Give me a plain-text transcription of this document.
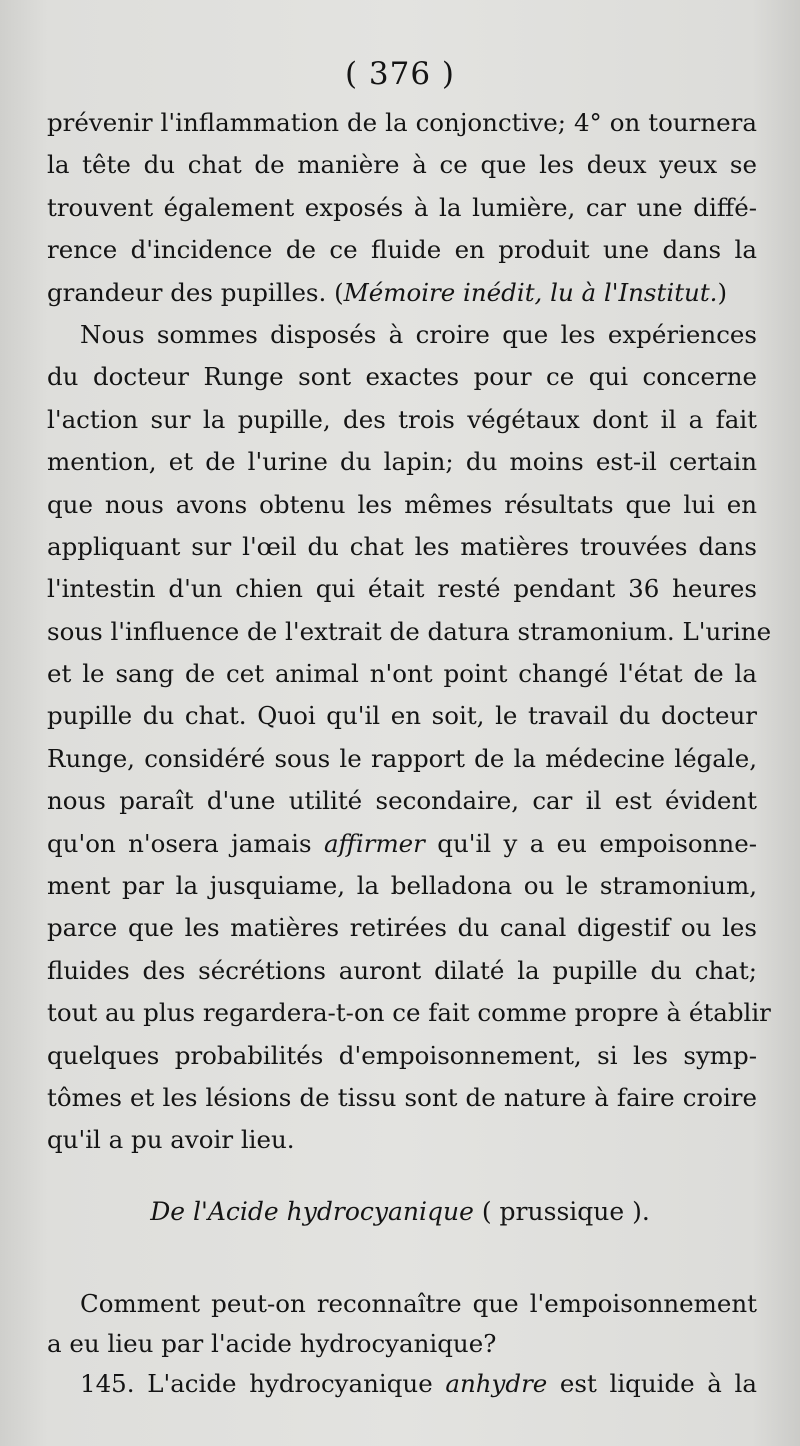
( 376 )
prévenir l'inflammation de la conjonctive; 4° on tournera
la tête du chat de manière à ce que les deux yeux se
trouvent également exposés à la lumière, car une diffé-
rence d'incidence de ce fluide en produit une dans la
grandeur des pupilles. (Mémoire inédit, lu à l'Institut.)
Nous sommes disposés à croire que les expériences
du docteur Runge sont exactes pour ce qui concerne
l'action sur la pupille, des trois végétaux dont il a fait
mention, et de l'urine du lapin; du moins est-il certain
que nous avons obtenu les mêmes résultats que lui en
appliquant sur l'œil du chat les matières trouvées dans
l'intestin d'un chien qui était resté pendant 36 heures
sous l'influence de l'extrait de datura stramonium. L'urine
et le sang de cet animal n'ont point changé l'état de la
pupille du chat. Quoi qu'il en soit, le travail du docteur
Runge, considéré sous le rapport de la médecine légale,
nous paraît d'une utilité secondaire, car il est évident
qu'on n'osera jamais affirmer qu'il y a eu empoisonne-
ment par la jusquiame, la belladona ou le stramonium,
parce que les matières retirées du canal digestif ou les
fluides des sécrétions auront dilaté la pupille du chat;
tout au plus regardera-t-on ce fait comme propre à établir
quelques probabilités d'empoisonnement, si les symp-
tômes et les lésions de tissu sont de nature à faire croire
qu'il a pu avoir lieu.
De l'Acide hydrocyanique ( prussique ).
Comment peut-on reconnaître que l'empoisonnement
a eu lieu par l'acide hydrocyanique?
145. L'acide hydrocyanique anhydre est liquide à la
